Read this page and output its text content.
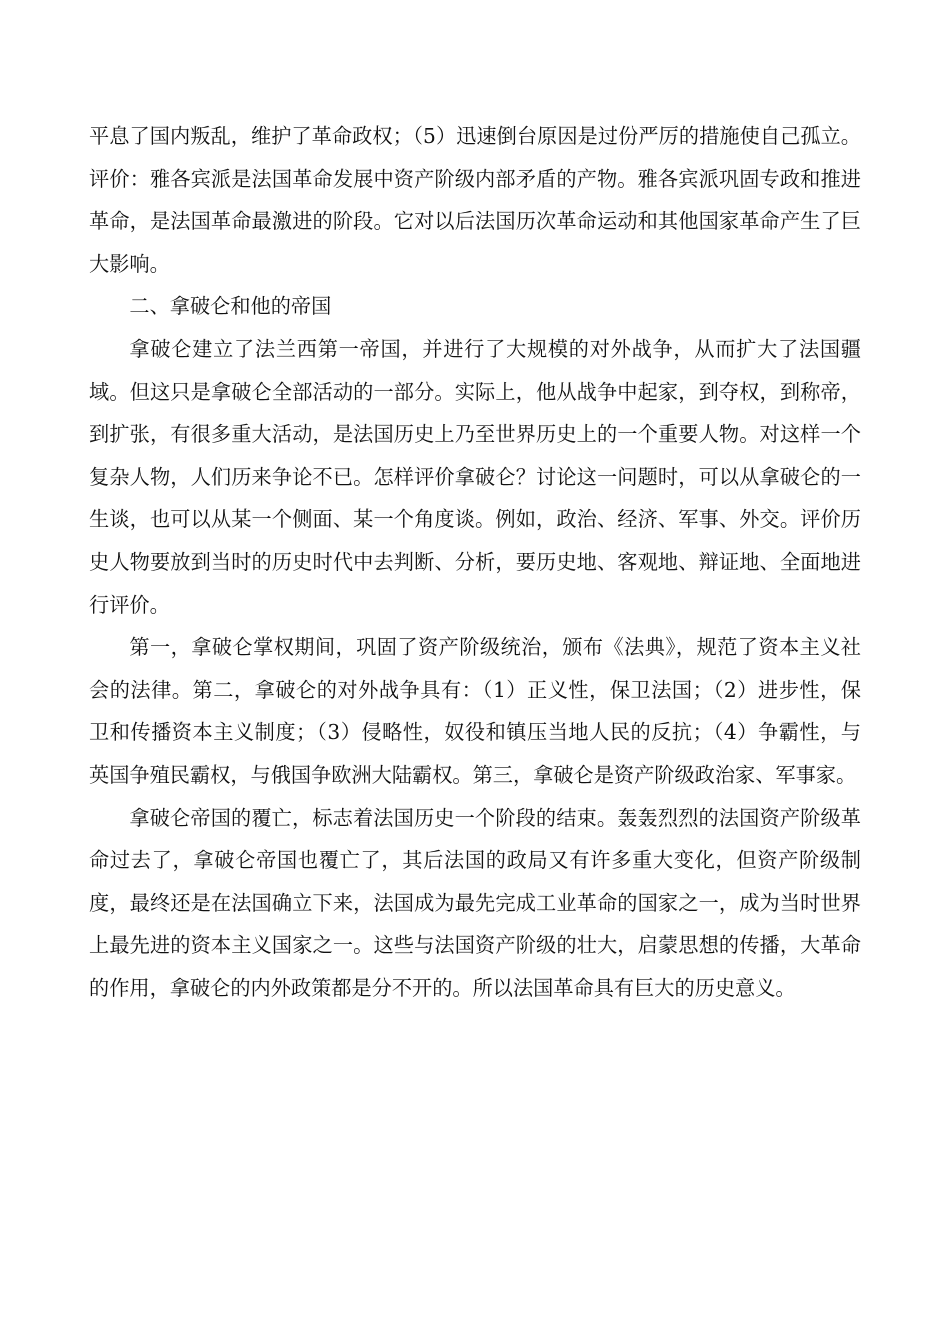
平息了国内叛乱，维护了革命政权；（5）迅速倒台原因是过份严厉的措施使自己孤立。评价：雅各宾派是法国革命发展中资产阶级内部矛盾的产物。雅各宾派巩固专政和推进革命，是法国革命最激进的阶段。它对以后法国历次革命运动和其他国家革命产生了巨大影响。

二、拿破仑和他的帝国

拿破仑建立了法兰西第一帝国，并进行了大规模的对外战争，从而扩大了法国疆域。但这只是拿破仑全部活动的一部分。实际上，他从战争中起家，到夺权，到称帝，到扩张，有很多重大活动，是法国历史上乃至世界历史上的一个重要人物。对这样一个复杂人物，人们历来争论不已。怎样评价拿破仑？讨论这一问题时，可以从拿破仑的一生谈，也可以从某一个侧面、某一个角度谈。例如，政治、经济、军事、外交。评价历史人物要放到当时的历史时代中去判断、分析，要历史地、客观地、辩证地、全面地进行评价。

第一，拿破仑掌权期间，巩固了资产阶级统治，颁布《法典》，规范了资本主义社会的法律。第二，拿破仑的对外战争具有：（1）正义性，保卫法国；（2）进步性，保卫和传播资本主义制度；（3）侵略性，奴役和镇压当地人民的反抗；（4）争霸性，与英国争殖民霸权，与俄国争欧洲大陆霸权。第三，拿破仑是资产阶级政治家、军事家。

拿破仑帝国的覆亡，标志着法国历史一个阶段的结束。轰轰烈烈的法国资产阶级革命过去了，拿破仑帝国也覆亡了，其后法国的政局又有许多重大变化，但资产阶级制度，最终还是在法国确立下来，法国成为最先完成工业革命的国家之一，成为当时世界上最先进的资本主义国家之一。这些与法国资产阶级的壮大，启蒙思想的传播，大革命的作用，拿破仑的内外政策都是分不开的。所以法国革命具有巨大的历史意义。
